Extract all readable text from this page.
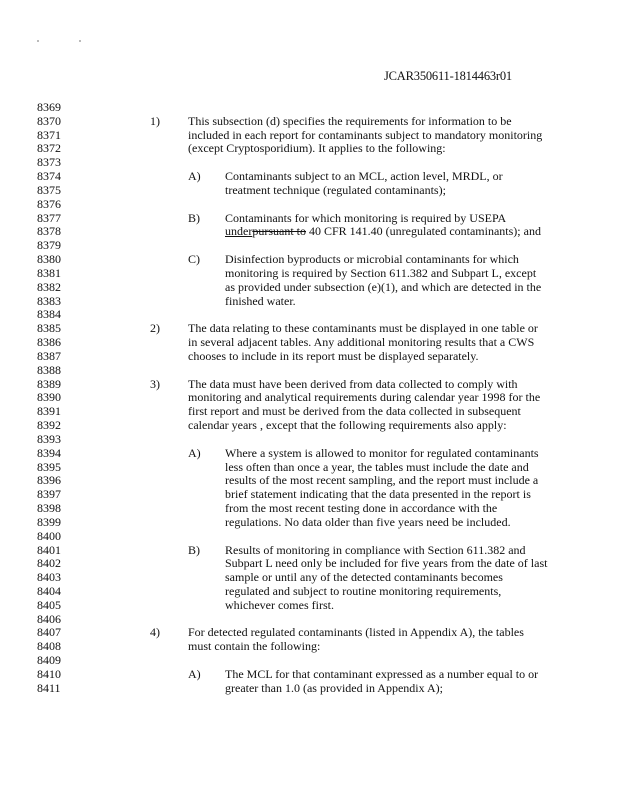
JCAR350611-1814463r01
8369
8370	1) This subsection (d) specifies the requirements for information to be
8371	included in each report for contaminants subject to mandatory monitoring
8372	(except Cryptosporidium). It applies to the following:
8373
8374	A) Contaminants subject to an MCL, action level, MRDL, or
8375	treatment technique (regulated contaminants);
8376
8377	B) Contaminants for which monitoring is required by USEPA
8378	underpursuant to 40 CFR 141.40 (unregulated contaminants); and
8379
8380	C) Disinfection byproducts or microbial contaminants for which
8381	monitoring is required by Section 611.382 and Subpart L, except
8382	as provided under subsection (e)(1), and which are detected in the
8383	finished water.
8384
8385	2) The data relating to these contaminants must be displayed in one table or
8386	in several adjacent tables. Any additional monitoring results that a CWS
8387	chooses to include in its report must be displayed separately.
8388
8389	3) The data must have been derived from data collected to comply with
8390	monitoring and analytical requirements during calendar year 1998 for the
8391	first report and must be derived from the data collected in subsequent
8392	calendar years , except that the following requirements also apply:
8393
8394	A) Where a system is allowed to monitor for regulated contaminants
8395	less often than once a year, the tables must include the date and
8396	results of the most recent sampling, and the report must include a
8397	brief statement indicating that the data presented in the report is
8398	from the most recent testing done in accordance with the
8399	regulations. No data older than five years need be included.
8400
8401	B) Results of monitoring in compliance with Section 611.382 and
8402	Subpart L need only be included for five years from the date of last
8403	sample or until any of the detected contaminants becomes
8404	regulated and subject to routine monitoring requirements,
8405	whichever comes first.
8406
8407	4) For detected regulated contaminants (listed in Appendix A), the tables
8408	must contain the following:
8409
8410	A) The MCL for that contaminant expressed as a number equal to or
8411	greater than 1.0 (as provided in Appendix A);
